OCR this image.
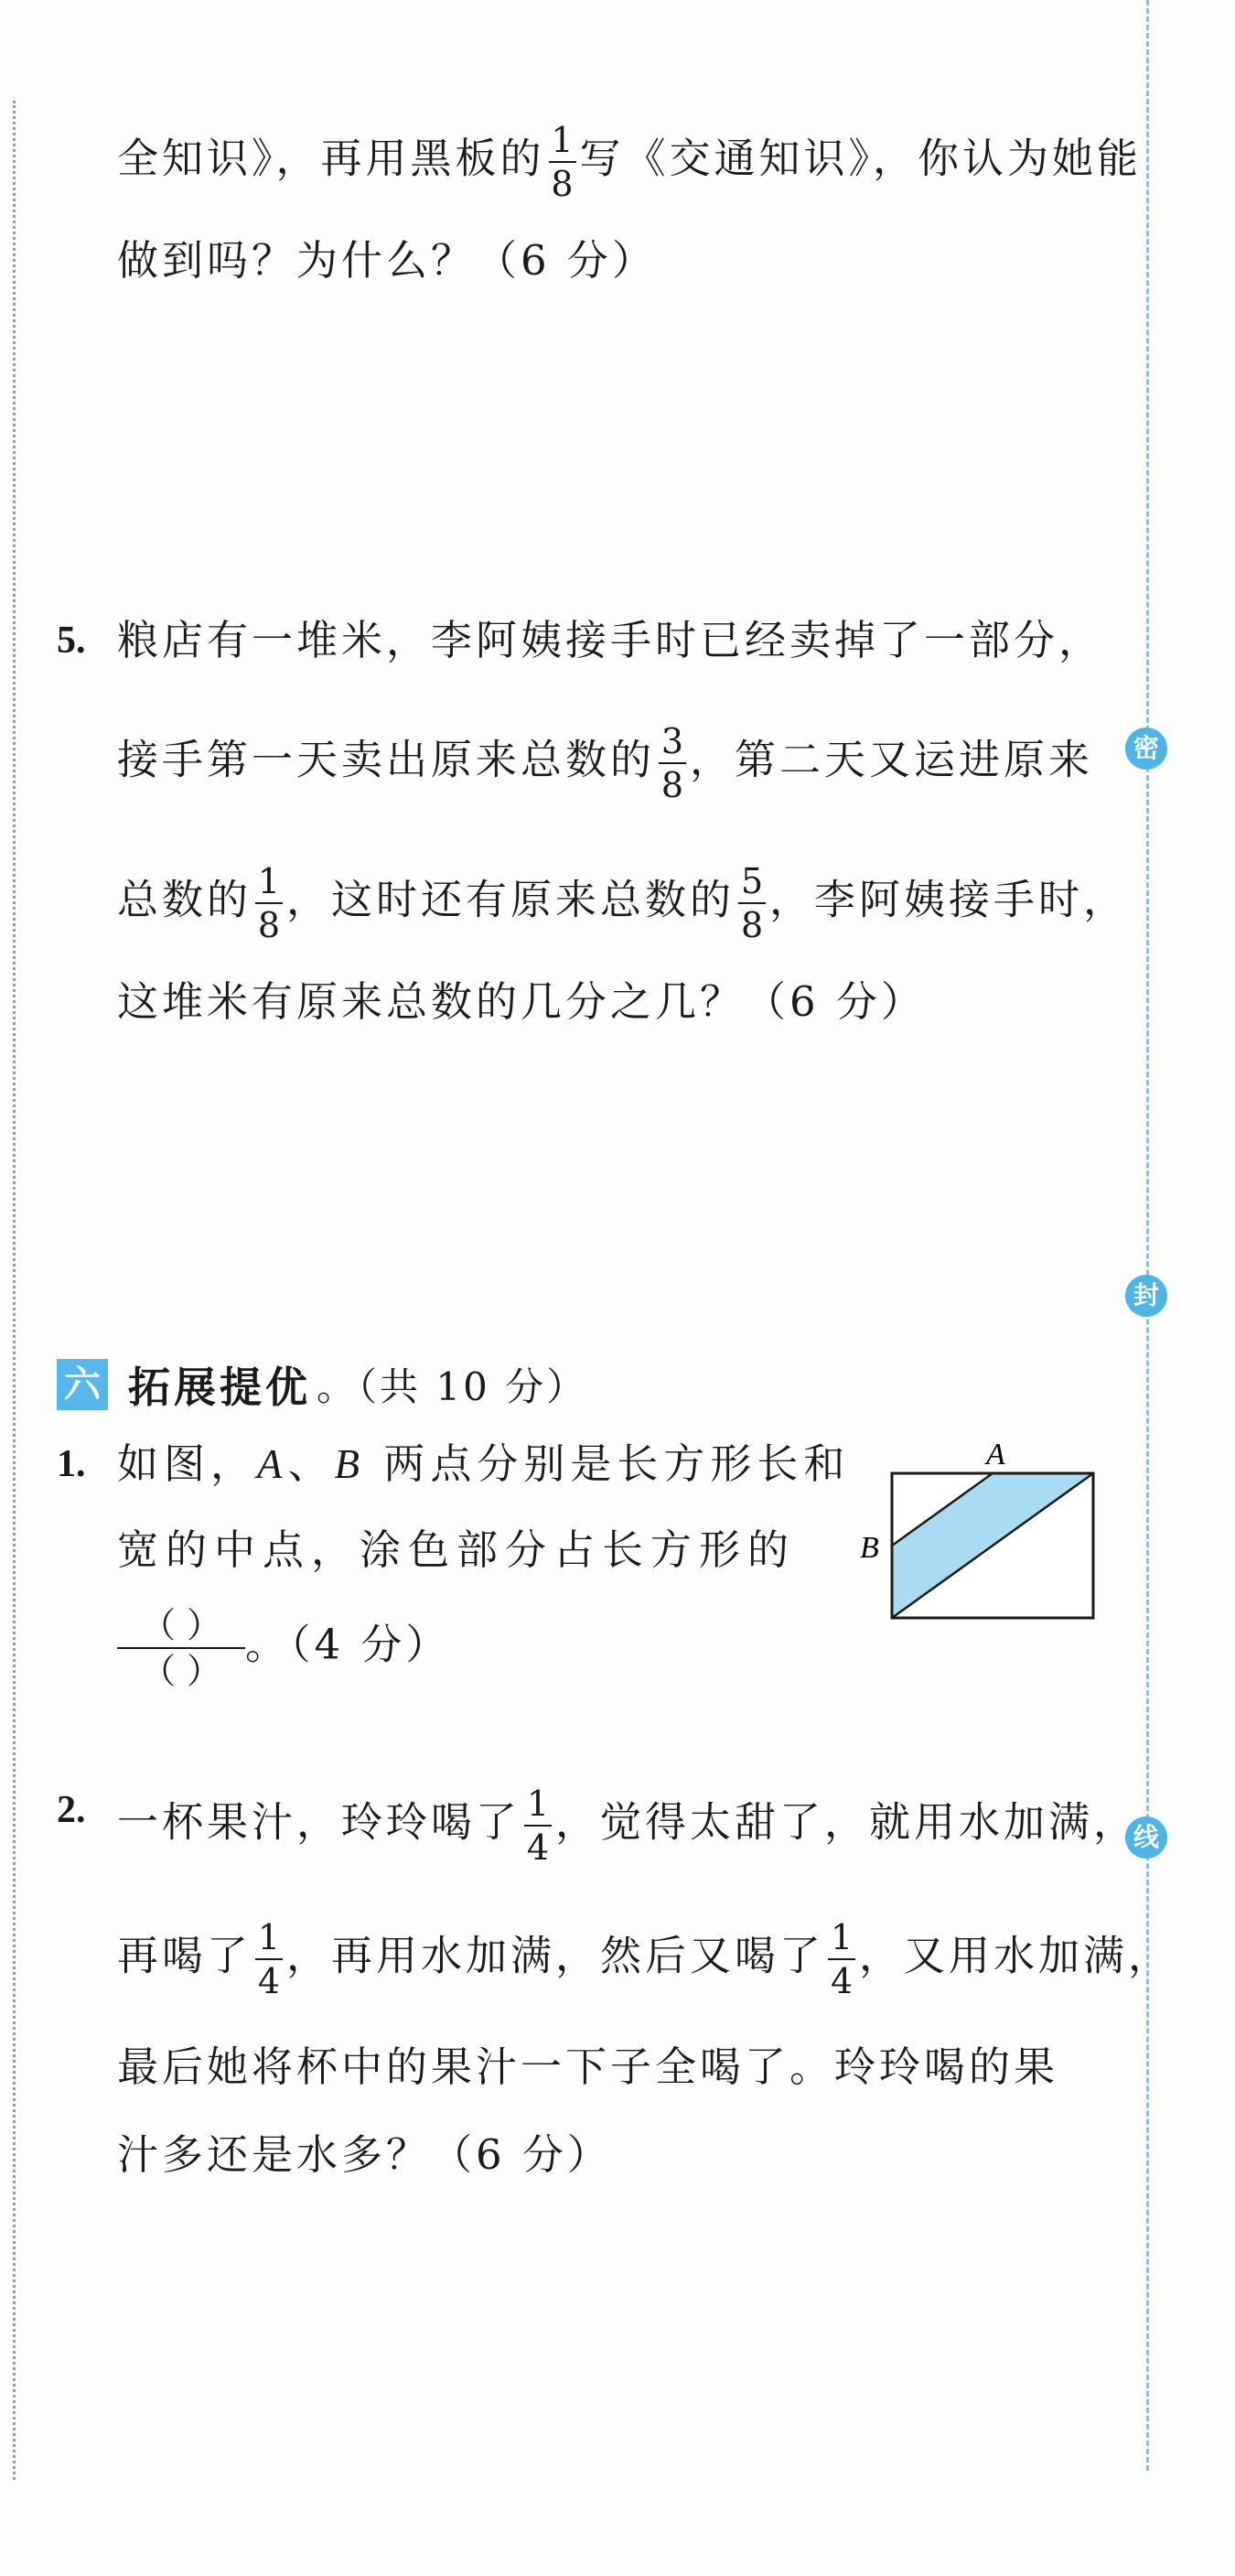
密
封
线
全知识》，再用黑板的 $\frac{1}{8}$ 写《交通知识》，你认为她能
做到吗？为什么？（6 分）
5. 粮店有一堆米，李阿姨接手时已经卖掉了一部分，
接手第一天卖出原来总数的 $\frac{3}{8}$ ，第二天又运进原来
总数的 $\frac{1}{8}$ ，这时还有原来总数的 $\frac{5}{8}$ ，李阿姨接手时，
这堆米有原来总数的几分之几？（6 分）
六 拓展提优 。（共 10 分）
1. 如图，A、B 两点分别是长方形长和
宽的中点，涂色部分占长方形的
$\frac{( )}{( )}$ 。（4 分）
A
B
2. 一杯果汁，玲玲喝了 $\frac{1}{4}$ ，觉得太甜了，就用水加满，
再喝了 $\frac{1}{4}$ ，再用水加满，然后又喝了 $\frac{1}{4}$ ，又用水加满，
最后她将杯中的果汁一下子全喝了。玲玲喝的果
汁多还是水多？（6 分）
